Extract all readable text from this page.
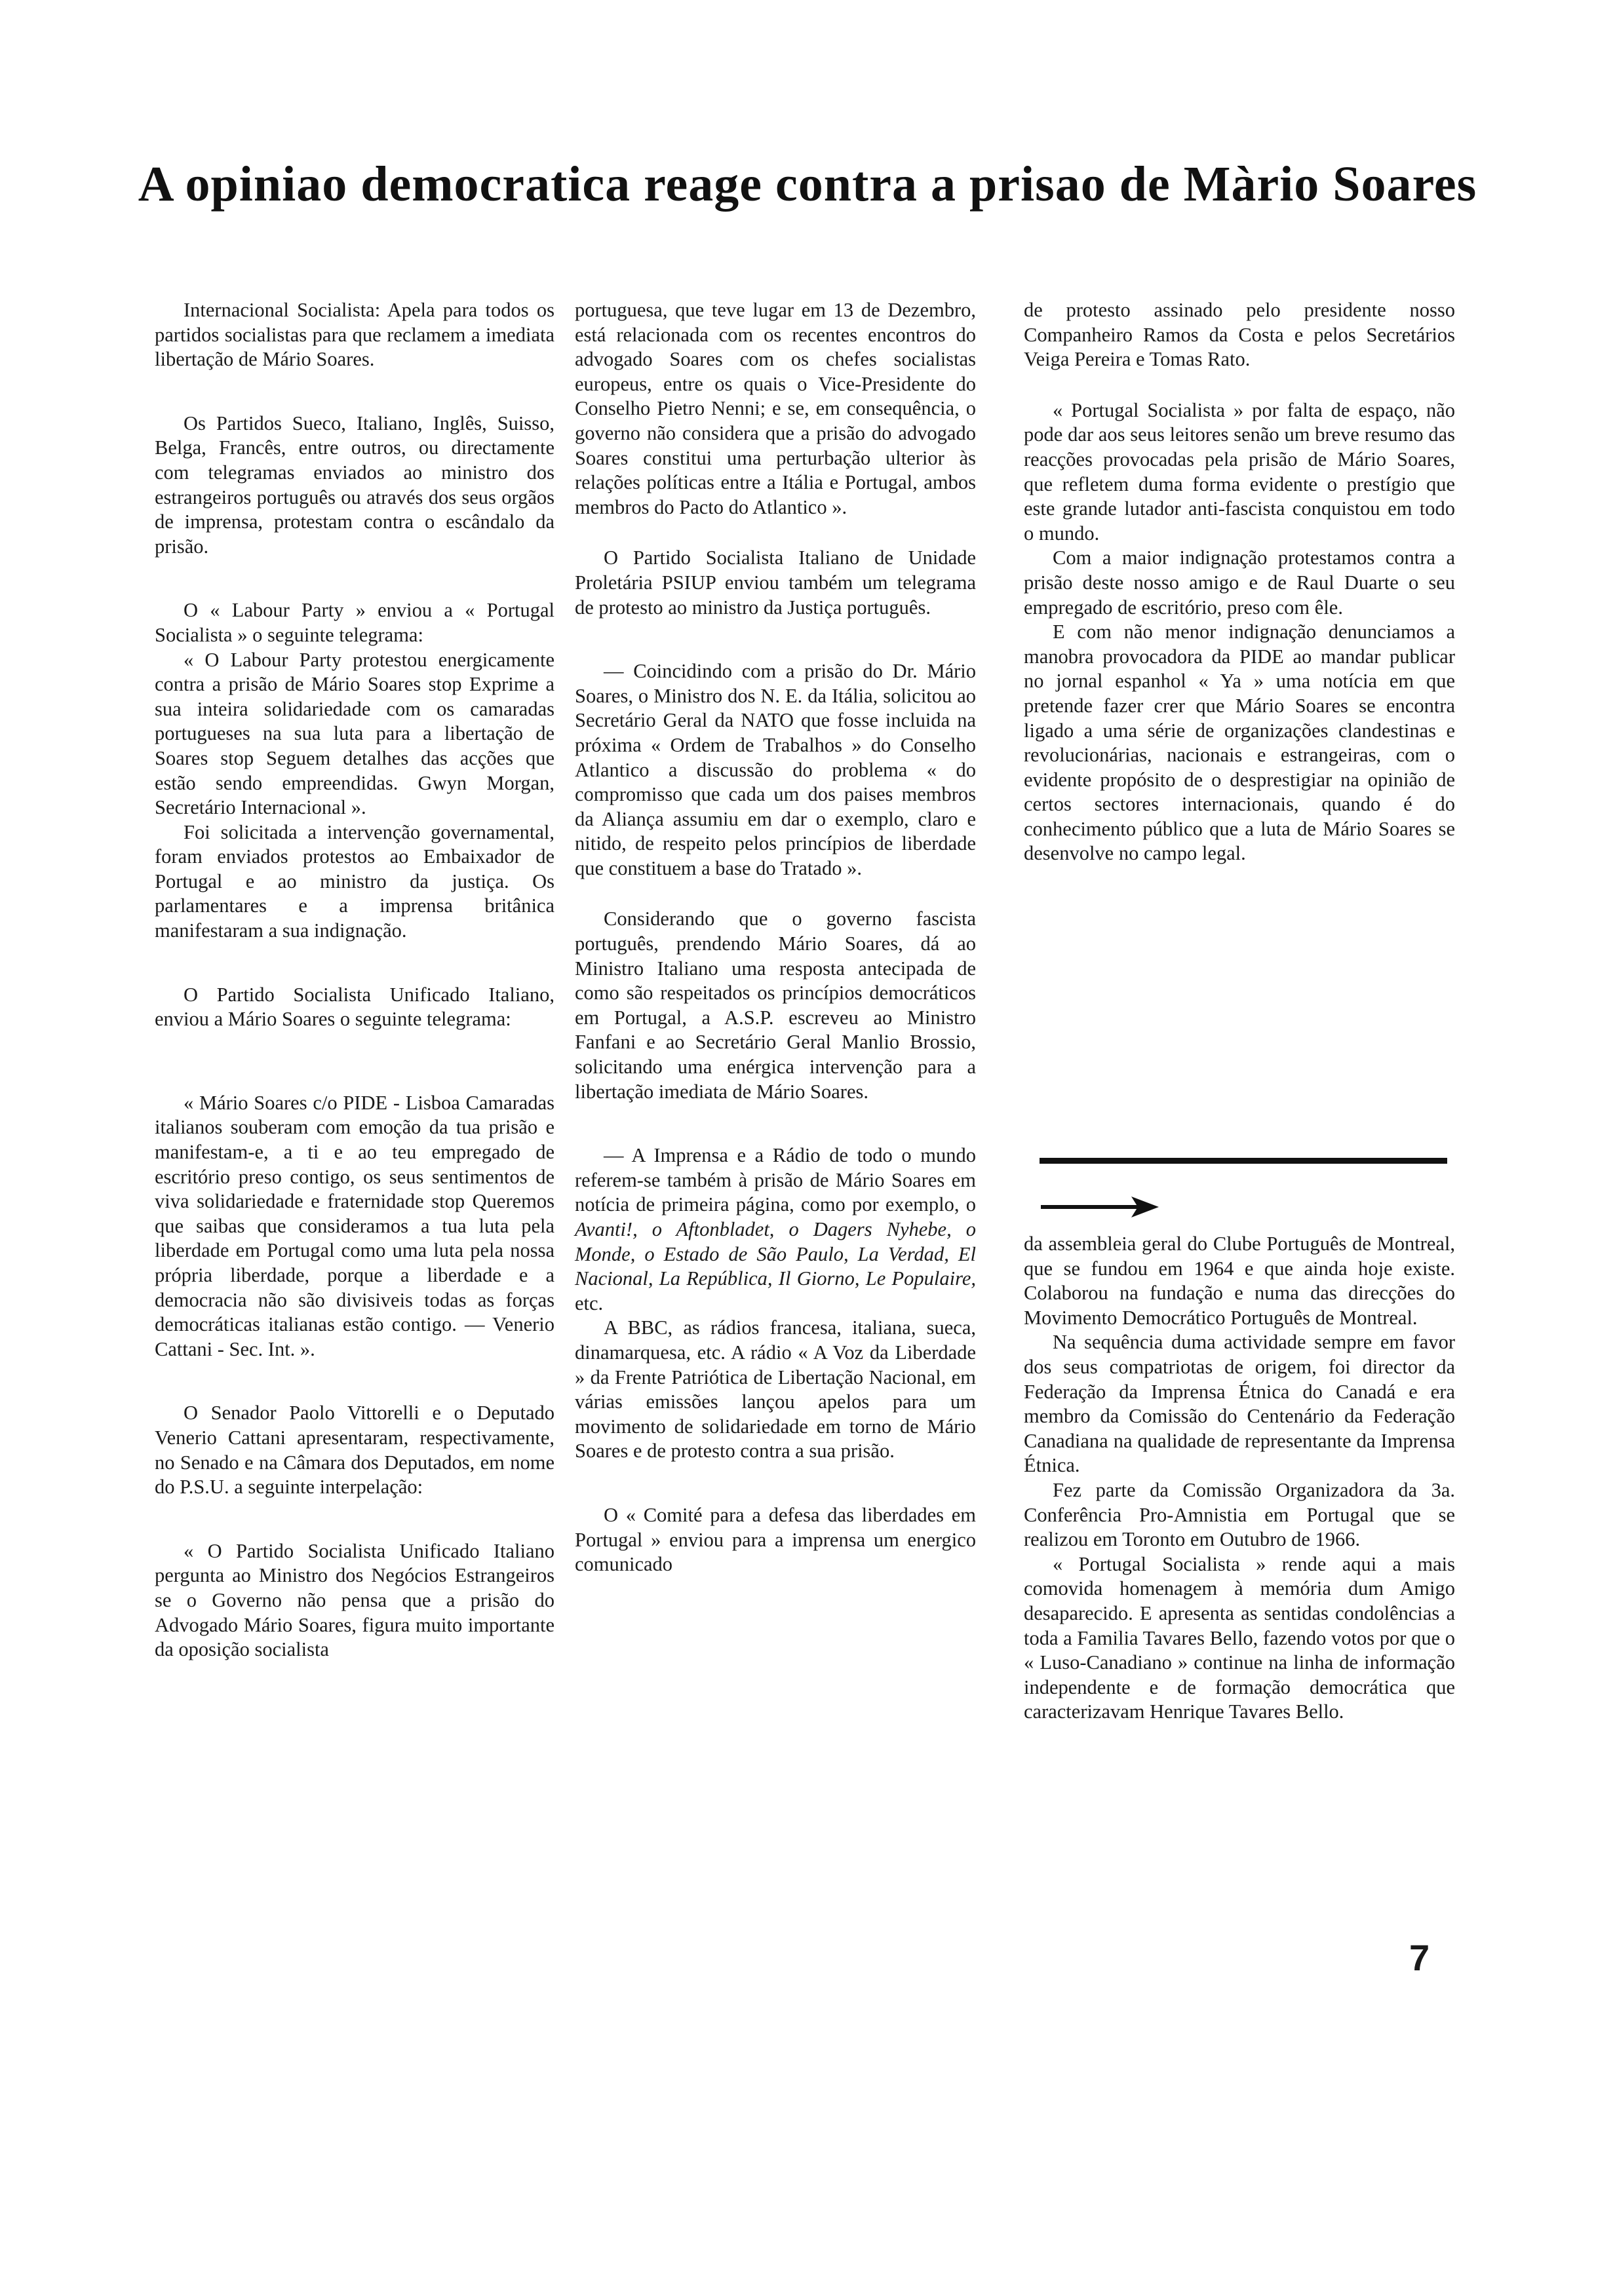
A opiniao democratica reage contra a prisao de Màrio Soares

Internacional Socialista: Apela para todos os partidos socialistas para que reclamem a imediata libertação de Mário Soares.

Os Partidos Sueco, Italiano, Inglês, Suisso, Belga, Francês, entre outros, ou directamente com telegramas enviados ao ministro dos estrangeiros português ou através dos seus orgãos de imprensa, protestam contra o escândalo da prisão.

O « Labour Party » enviou a « Portugal Socialista » o seguinte telegrama:

« O Labour Party protestou energicamente contra a prisão de Mário Soares stop Exprime a sua inteira solidariedade com os camaradas portugueses na sua luta para a libertação de Soares stop Seguem detalhes das acções que estão sendo empreendidas. Gwyn Morgan, Secretário Internacional ».

Foi solicitada a intervenção governamental, foram enviados protestos ao Embaixador de Portugal e ao ministro da justiça. Os parlamentares e a imprensa britânica manifestaram a sua indignação.

O Partido Socialista Unificado Italiano, enviou a Mário Soares o seguinte telegrama:

« Mário Soares c/o PIDE - Lisboa Camaradas italianos souberam com emoção da tua prisão e manifestam-e, a ti e ao teu empregado de escritório preso contigo, os seus sentimentos de viva solidariedade e fraternidade stop Queremos que saibas que consideramos a tua luta pela liberdade em Portugal como uma luta pela nossa própria liberdade, porque a liberdade e a democracia não são divisiveis todas as forças democráticas italianas estão contigo. — Venerio Cattani - Sec. Int. ».

O Senador Paolo Vittorelli e o Deputado Venerio Cattani apresentaram, respectivamente, no Senado e na Câmara dos Deputados, em nome do P.S.U. a seguinte interpelação:

« O Partido Socialista Unificado Italiano pergunta ao Ministro dos Negócios Estrangeiros se o Governo não pensa que a prisão do Advogado Mário Soares, figura muito importante da oposição socialista

portuguesa, que teve lugar em 13 de Dezembro, está relacionada com os recentes encontros do advogado Soares com os chefes socialistas europeus, entre os quais o Vice-Presidente do Conselho Pietro Nenni; e se, em consequência, o governo não considera que a prisão do advogado Soares constitui uma perturbação ulterior às relações políticas entre a Itália e Portugal, ambos membros do Pacto do Atlantico ».

O Partido Socialista Italiano de Unidade Proletária PSIUP enviou também um telegrama de protesto ao ministro da Justiça português.

— Coincidindo com a prisão do Dr. Mário Soares, o Ministro dos N. E. da Itália, solicitou ao Secretário Geral da NATO que fosse incluida na próxima « Ordem de Trabalhos » do Conselho Atlantico a discussão do problema « do compromisso que cada um dos paises membros da Aliança assumiu em dar o exemplo, claro e nitido, de respeito pelos princípios de liberdade que constituem a base do Tratado ».

Considerando que o governo fascista português, prendendo Mário Soares, dá ao Ministro Italiano uma resposta antecipada de como são respeitados os princípios democráticos em Portugal, a A.S.P. escreveu ao Ministro Fanfani e ao Secretário Geral Manlio Brossio, solicitando uma enérgica intervenção para a libertação imediata de Mário Soares.

— A Imprensa e a Rádio de todo o mundo referem-se também à prisão de Mário Soares em notícia de primeira página, como por exemplo, o Avanti!, o Aftonbladet, o Dagers Nyhebe, o Monde, o Estado de São Paulo, La Verdad, El Nacional, La República, Il Giorno, Le Populaire, etc.

A BBC, as rádios francesa, italiana, sueca, dinamarquesa, etc. A rádio « A Voz da Liberdade » da Frente Patriótica de Libertação Nacional, em várias emissões lançou apelos para um movimento de solidariedade em torno de Mário Soares e de protesto contra a sua prisão.

O « Comité para a defesa das liberdades em Portugal » enviou para a imprensa um energico comunicado

de protesto assinado pelo presidente nosso Companheiro Ramos da Costa e pelos Secretários Veiga Pereira e Tomas Rato.

« Portugal Socialista » por falta de espaço, não pode dar aos seus leitores senão um breve resumo das reacções provocadas pela prisão de Mário Soares, que refletem duma forma evidente o prestígio que este grande lutador anti-fascista conquistou em todo o mundo.

Com a maior indignação protestamos contra a prisão deste nosso amigo e de Raul Duarte o seu empregado de escritório, preso com êle.

E com não menor indignação denunciamos a manobra provocadora da PIDE ao mandar publicar no jornal espanhol « Ya » uma notícia em que pretende fazer crer que Mário Soares se encontra ligado a uma série de organizações clandestinas e revolucionárias, nacionais e estrangeiras, com o evidente propósito de o desprestigiar na opinião de certos sectores internacionais, quando é do conhecimento público que a luta de Mário Soares se desenvolve no campo legal.

da assembleia geral do Clube Português de Montreal, que se fundou em 1964 e que ainda hoje existe. Colaborou na fundação e numa das direcções do Movimento Democrático Português de Montreal.

Na sequência duma actividade sempre em favor dos seus compatriotas de origem, foi director da Federação da Imprensa Étnica do Canadá e era membro da Comissão do Centenário da Federação Canadiana na qualidade de representante da Imprensa Étnica.

Fez parte da Comissão Organizadora da 3a. Conferência Pro-Amnistia em Portugal que se realizou em Toronto em Outubro de 1966.

« Portugal Socialista » rende aqui a mais comovida homenagem à memória dum Amigo desaparecido. E apresenta as sentidas condolências a toda a Familia Tavares Bello, fazendo votos por que o « Luso-Canadiano » continue na linha de informação independente e de formação democrática que caracterizavam Henrique Tavares Bello.

7
